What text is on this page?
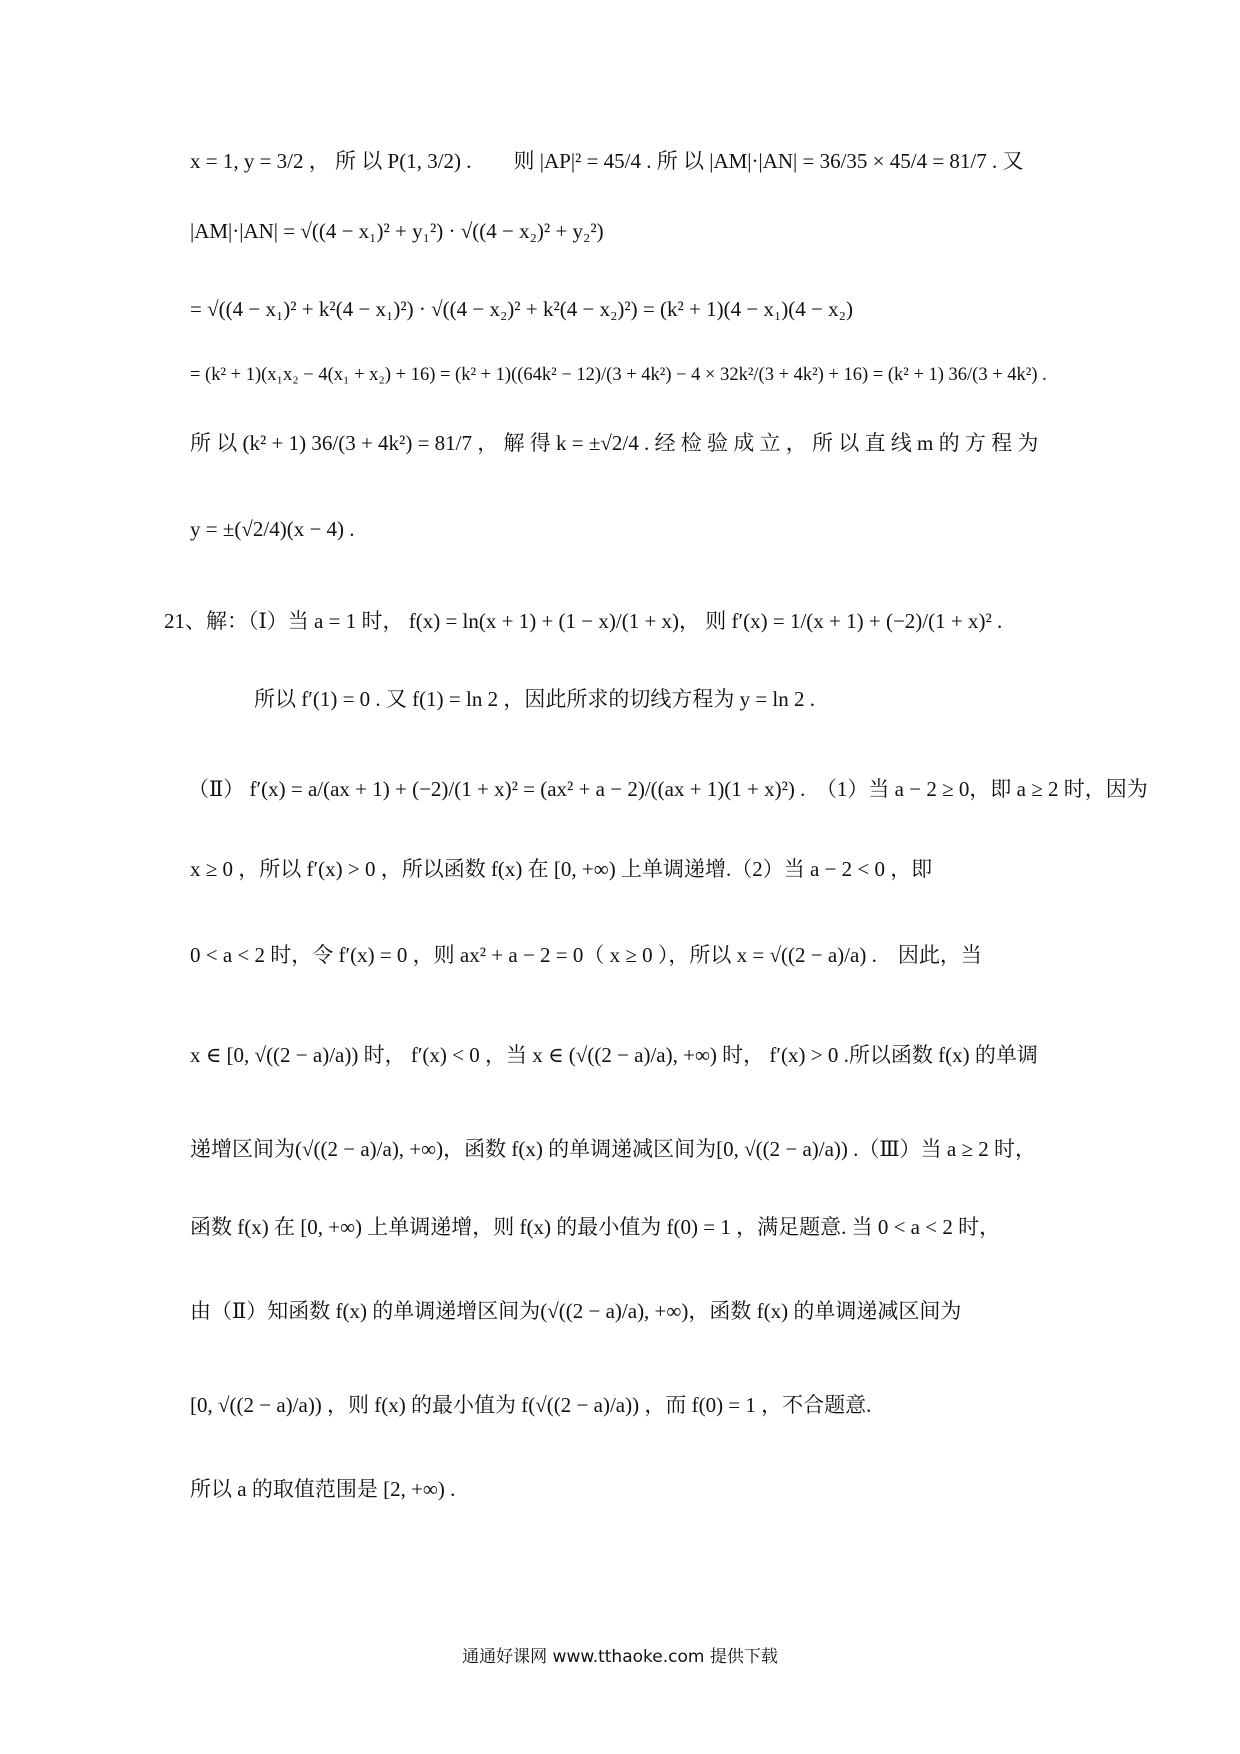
x = 1, y = 3/2 ， 所 以 P(1, 3/2) .　　则 |AP|² = 45/4 . 所 以 |AM|·|AN| = 36/35 × 45/4 = 81/7 . 又
|AM|·|AN| = √((4 − x₁)² + y₁²) · √((4 − x₂)² + y₂²)
= √((4 − x₁)² + k²(4 − x₁)²) · √((4 − x₂)² + k²(4 − x₂)²) = (k² + 1)(4 − x₁)(4 − x₂)
= (k² + 1)(x₁x₂ − 4(x₁ + x₂) + 16) = (k² + 1)((64k² − 12)/(3 + 4k²) − 4 × 32k²/(3 + 4k²) + 16) = (k² + 1) 36/(3 + 4k²) .
所 以 (k² + 1) 36/(3 + 4k²) = 81/7 ， 解 得 k = ±√2/4 . 经 检 验 成 立 ， 所 以 直 线 m 的 方 程 为
y = ±(√2/4)(x − 4) .
21、解：（Ⅰ）当 a = 1 时， f(x) = ln(x + 1) + (1 − x)/(1 + x)， 则 f′(x) = 1/(x + 1) + (−2)/(1 + x)² .
所以 f′(1) = 0 . 又 f(1) = ln 2 ，因此所求的切线方程为 y = ln 2 .
（Ⅱ） f′(x) = a/(ax + 1) + (−2)/(1 + x)² = (ax² + a − 2)/((ax + 1)(1 + x)²) .　（1）当 a − 2 ≥ 0，即 a ≥ 2 时，因为
x ≥ 0 ，所以 f′(x) > 0 ，所以函数 f(x) 在 [0, +∞) 上单调递增.（2）当 a − 2 < 0 ，即
0 < a < 2 时，令 f′(x) = 0 ，则 ax² + a − 2 = 0（ x ≥ 0 ），所以 x = √((2 − a)/a) .　因此，当
x ∈ [0, √((2 − a)/a)) 时， f′(x) < 0 ，当 x ∈ (√((2 − a)/a), +∞) 时， f′(x) > 0 .所以函数 f(x) 的单调
递增区间为(√((2 − a)/a), +∞)，函数 f(x) 的单调递减区间为[0, √((2 − a)/a)) .（Ⅲ）当 a ≥ 2 时，
函数 f(x) 在 [0, +∞) 上单调递增，则 f(x) 的最小值为 f(0) = 1 ，满足题意. 当 0 < a < 2 时，
由（Ⅱ）知函数 f(x) 的单调递增区间为(√((2 − a)/a), +∞)，函数 f(x) 的单调递减区间为
[0, √((2 − a)/a)) ，则 f(x) 的最小值为 f(√((2 − a)/a)) ，而 f(0) = 1 ，不合题意.
所以 a 的取值范围是 [2, +∞) .
通通好课网 www.tthaoke.com 提供下载
